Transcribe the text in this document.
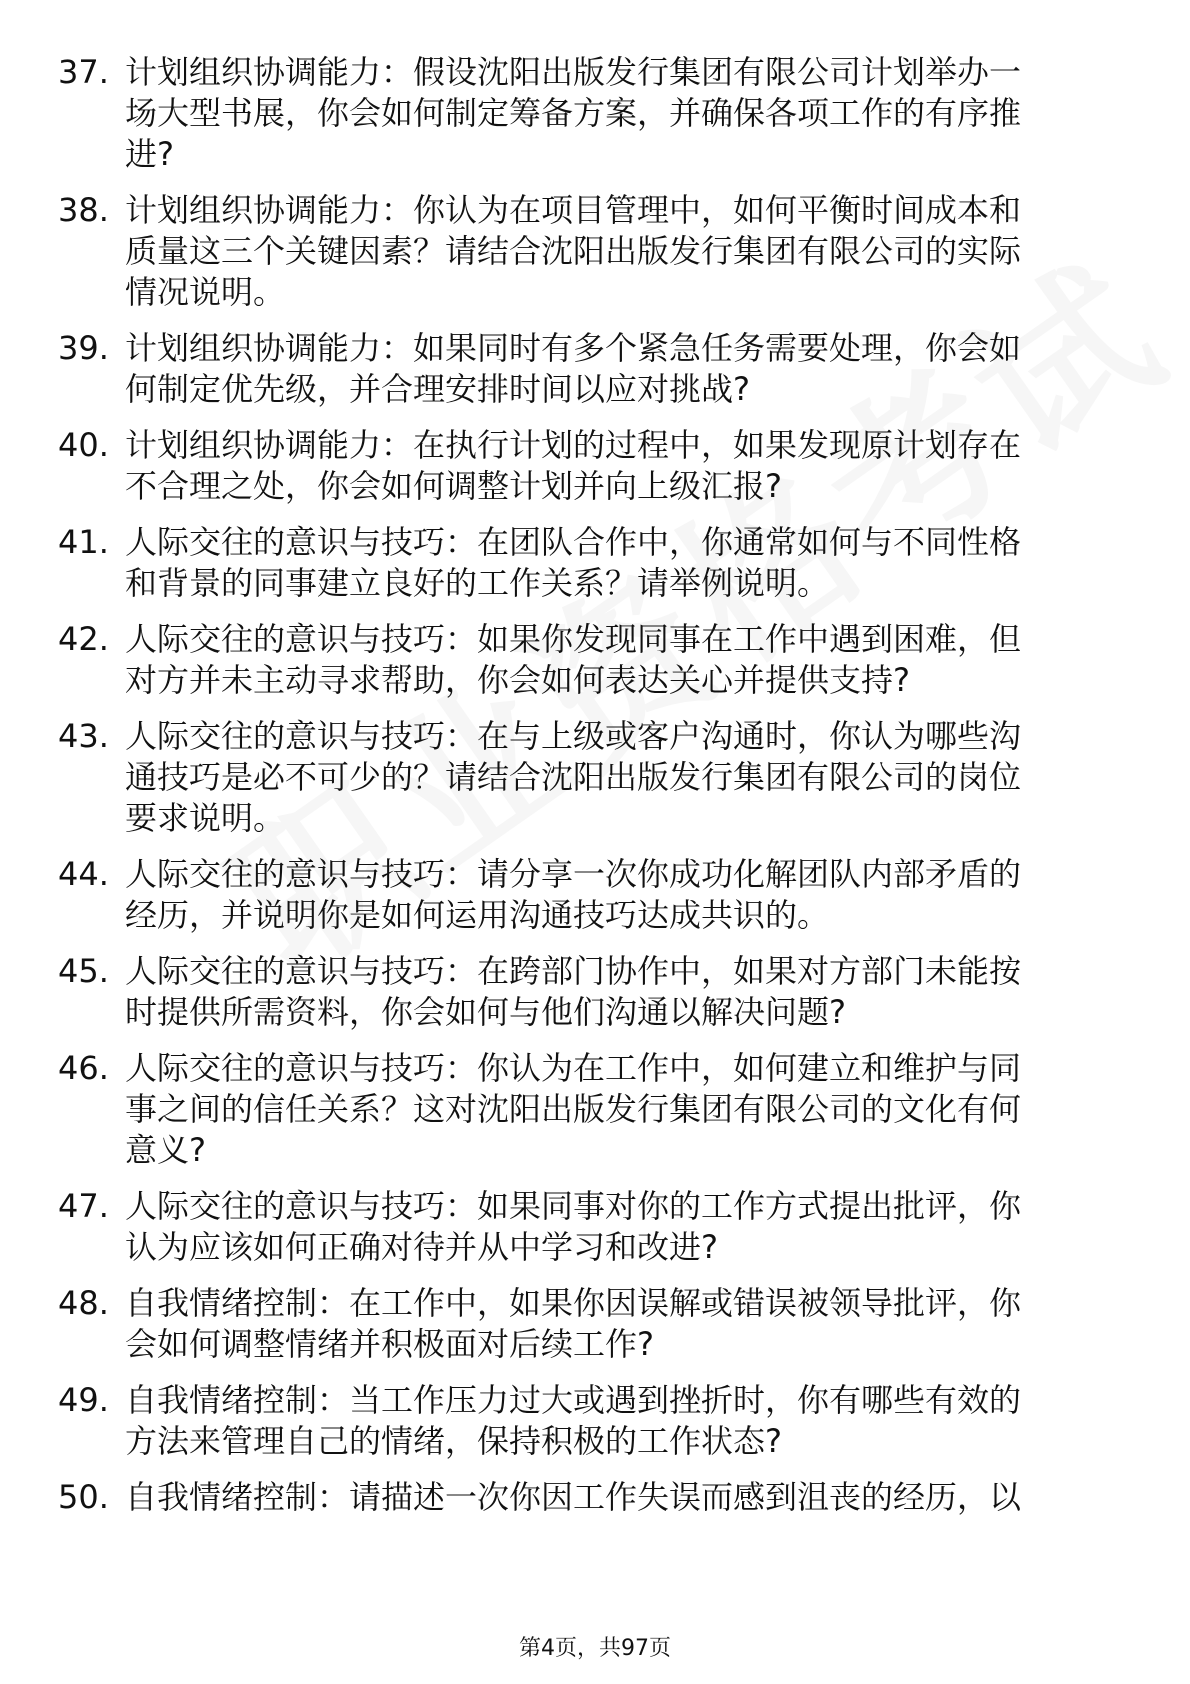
37. 计划组织协调能力：假设沈阳出版发行集团有限公司计划举办一
场大型书展，你会如何制定筹备方案，并确保各项工作的有序推
进?
38. 计划组织协调能力：你认为在项目管理中，如何平衡时间成本和
质量这三个关键因素？请结合沈阳出版发行集团有限公司的实际
情况说明。
39. 计划组织协调能力：如果同时有多个紧急任务需要处理，你会如
何制定优先级，并合理安排时间以应对挑战?
40. 计划组织协调能力：在执行计划的过程中，如果发现原计划存在
不合理之处，你会如何调整计划并向上级汇报?
41. 人际交往的意识与技巧：在团队合作中，你通常如何与不同性格
和背景的同事建立良好的工作关系？请举例说明。
42. 人际交往的意识与技巧：如果你发现同事在工作中遇到困难，但
对方并未主动寻求帮助，你会如何表达关心并提供支持?
43. 人际交往的意识与技巧：在与上级或客户沟通时，你认为哪些沟
通技巧是必不可少的？请结合沈阳出版发行集团有限公司的岗位
要求说明。
44. 人际交往的意识与技巧：请分享一次你成功化解团队内部矛盾的
经历，并说明你是如何运用沟通技巧达成共识的。
45. 人际交往的意识与技巧：在跨部门协作中，如果对方部门未能按
时提供所需资料，你会如何与他们沟通以解决问题?
46. 人际交往的意识与技巧：你认为在工作中，如何建立和维护与同
事之间的信任关系？这对沈阳出版发行集团有限公司的文化有何
意义?
47. 人际交往的意识与技巧：如果同事对你的工作方式提出批评，你
认为应该如何正确对待并从中学习和改进?
48. 自我情绪控制：在工作中，如果你因误解或错误被领导批评，你
会如何调整情绪并积极面对后续工作?
49. 自我情绪控制：当工作压力过大或遇到挫折时，你有哪些有效的
方法来管理自己的情绪，保持积极的工作状态?
50. 自我情绪控制：请描述一次你因工作失误而感到沮丧的经历，以
第4页，共97页
